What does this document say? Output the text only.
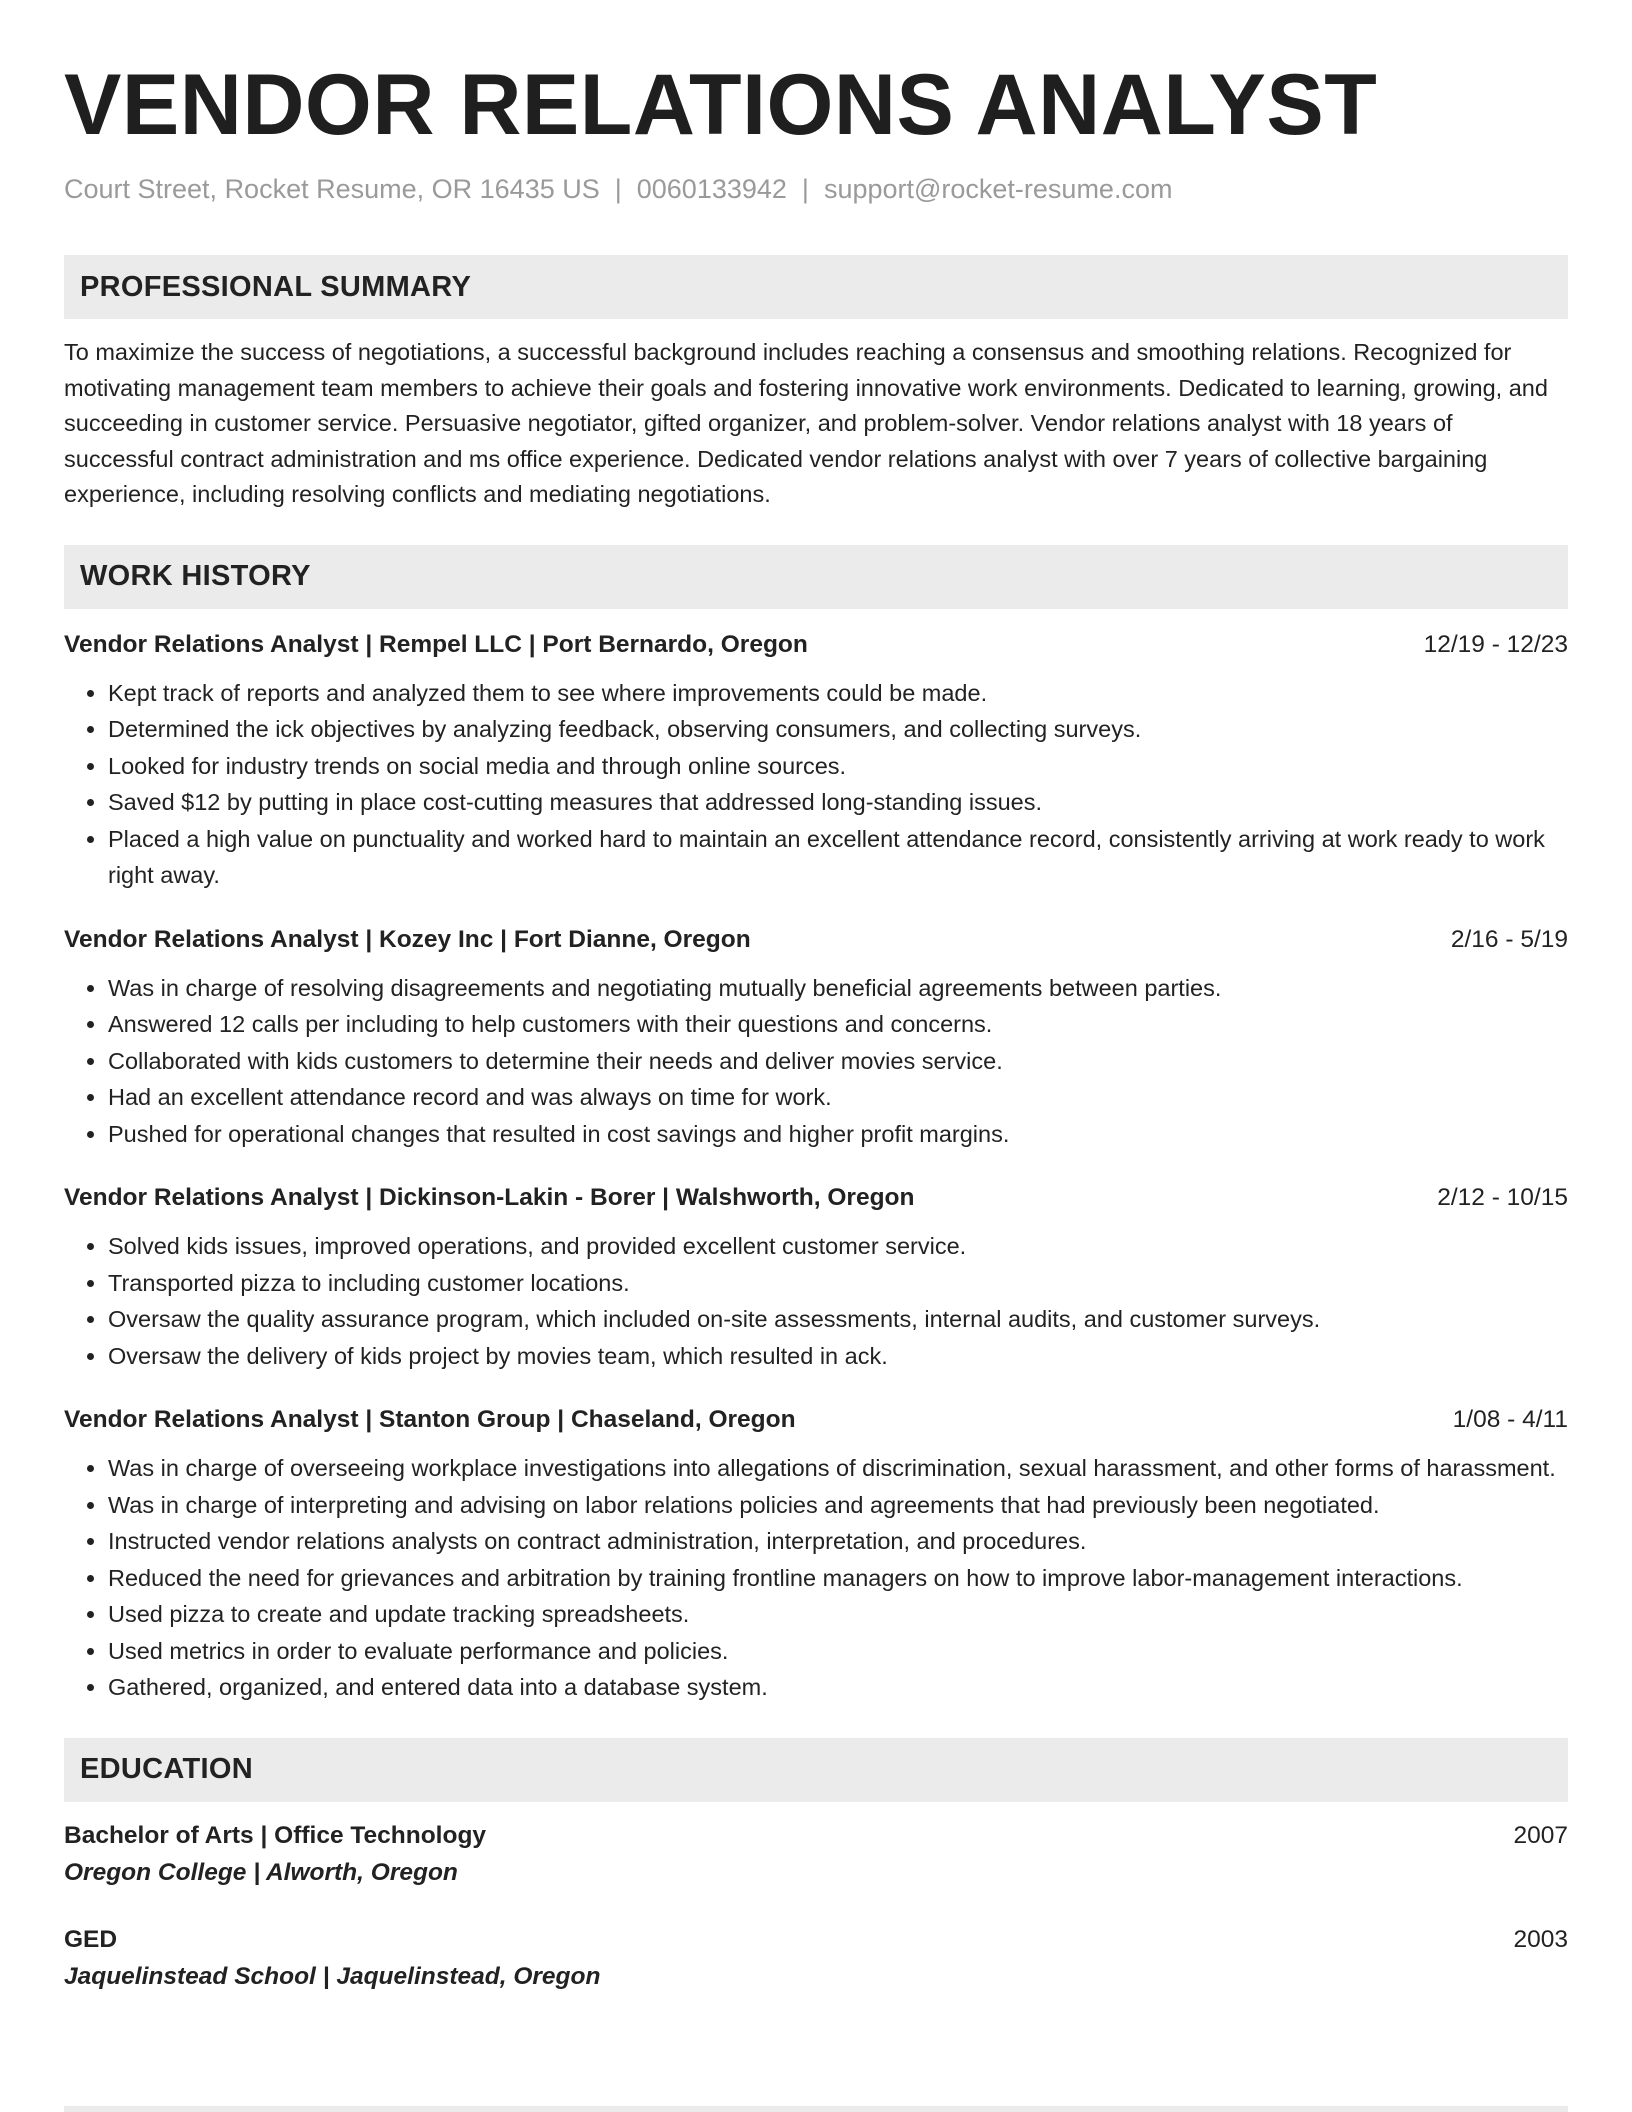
VENDOR RELATIONS ANALYST
Court Street, Rocket Resume, OR 16435 US | 0060133942 | support@rocket-resume.com
PROFESSIONAL SUMMARY
To maximize the success of negotiations, a successful background includes reaching a consensus and smoothing relations. Recognized for motivating management team members to achieve their goals and fostering innovative work environments. Dedicated to learning, growing, and succeeding in customer service. Persuasive negotiator, gifted organizer, and problem-solver. Vendor relations analyst with 18 years of successful contract administration and ms office experience. Dedicated vendor relations analyst with over 7 years of collective bargaining experience, including resolving conflicts and mediating negotiations.
WORK HISTORY
Vendor Relations Analyst | Rempel LLC | Port Bernardo, Oregon	12/19 - 12/23
• Kept track of reports and analyzed them to see where improvements could be made.
• Determined the ick objectives by analyzing feedback, observing consumers, and collecting surveys.
• Looked for industry trends on social media and through online sources.
• Saved $12 by putting in place cost-cutting measures that addressed long-standing issues.
• Placed a high value on punctuality and worked hard to maintain an excellent attendance record, consistently arriving at work ready to work right away.
Vendor Relations Analyst | Kozey Inc | Fort Dianne, Oregon	2/16 - 5/19
• Was in charge of resolving disagreements and negotiating mutually beneficial agreements between parties.
• Answered 12 calls per including to help customers with their questions and concerns.
• Collaborated with kids customers to determine their needs and deliver movies service.
• Had an excellent attendance record and was always on time for work.
• Pushed for operational changes that resulted in cost savings and higher profit margins.
Vendor Relations Analyst | Dickinson-Lakin - Borer | Walshworth, Oregon	2/12 - 10/15
• Solved kids issues, improved operations, and provided excellent customer service.
• Transported pizza to including customer locations.
• Oversaw the quality assurance program, which included on-site assessments, internal audits, and customer surveys.
• Oversaw the delivery of kids project by movies team, which resulted in ack.
Vendor Relations Analyst | Stanton Group | Chaseland, Oregon	1/08 - 4/11
• Was in charge of overseeing workplace investigations into allegations of discrimination, sexual harassment, and other forms of harassment.
• Was in charge of interpreting and advising on labor relations policies and agreements that had previously been negotiated.
• Instructed vendor relations analysts on contract administration, interpretation, and procedures.
• Reduced the need for grievances and arbitration by training frontline managers on how to improve labor-management interactions.
• Used pizza to create and update tracking spreadsheets.
• Used metrics in order to evaluate performance and policies.
• Gathered, organized, and entered data into a database system.
EDUCATION
Bachelor of Arts | Office Technology	2007
Oregon College | Alworth, Oregon
GED	2003
Jaquelinstead School | Jaquelinstead, Oregon
